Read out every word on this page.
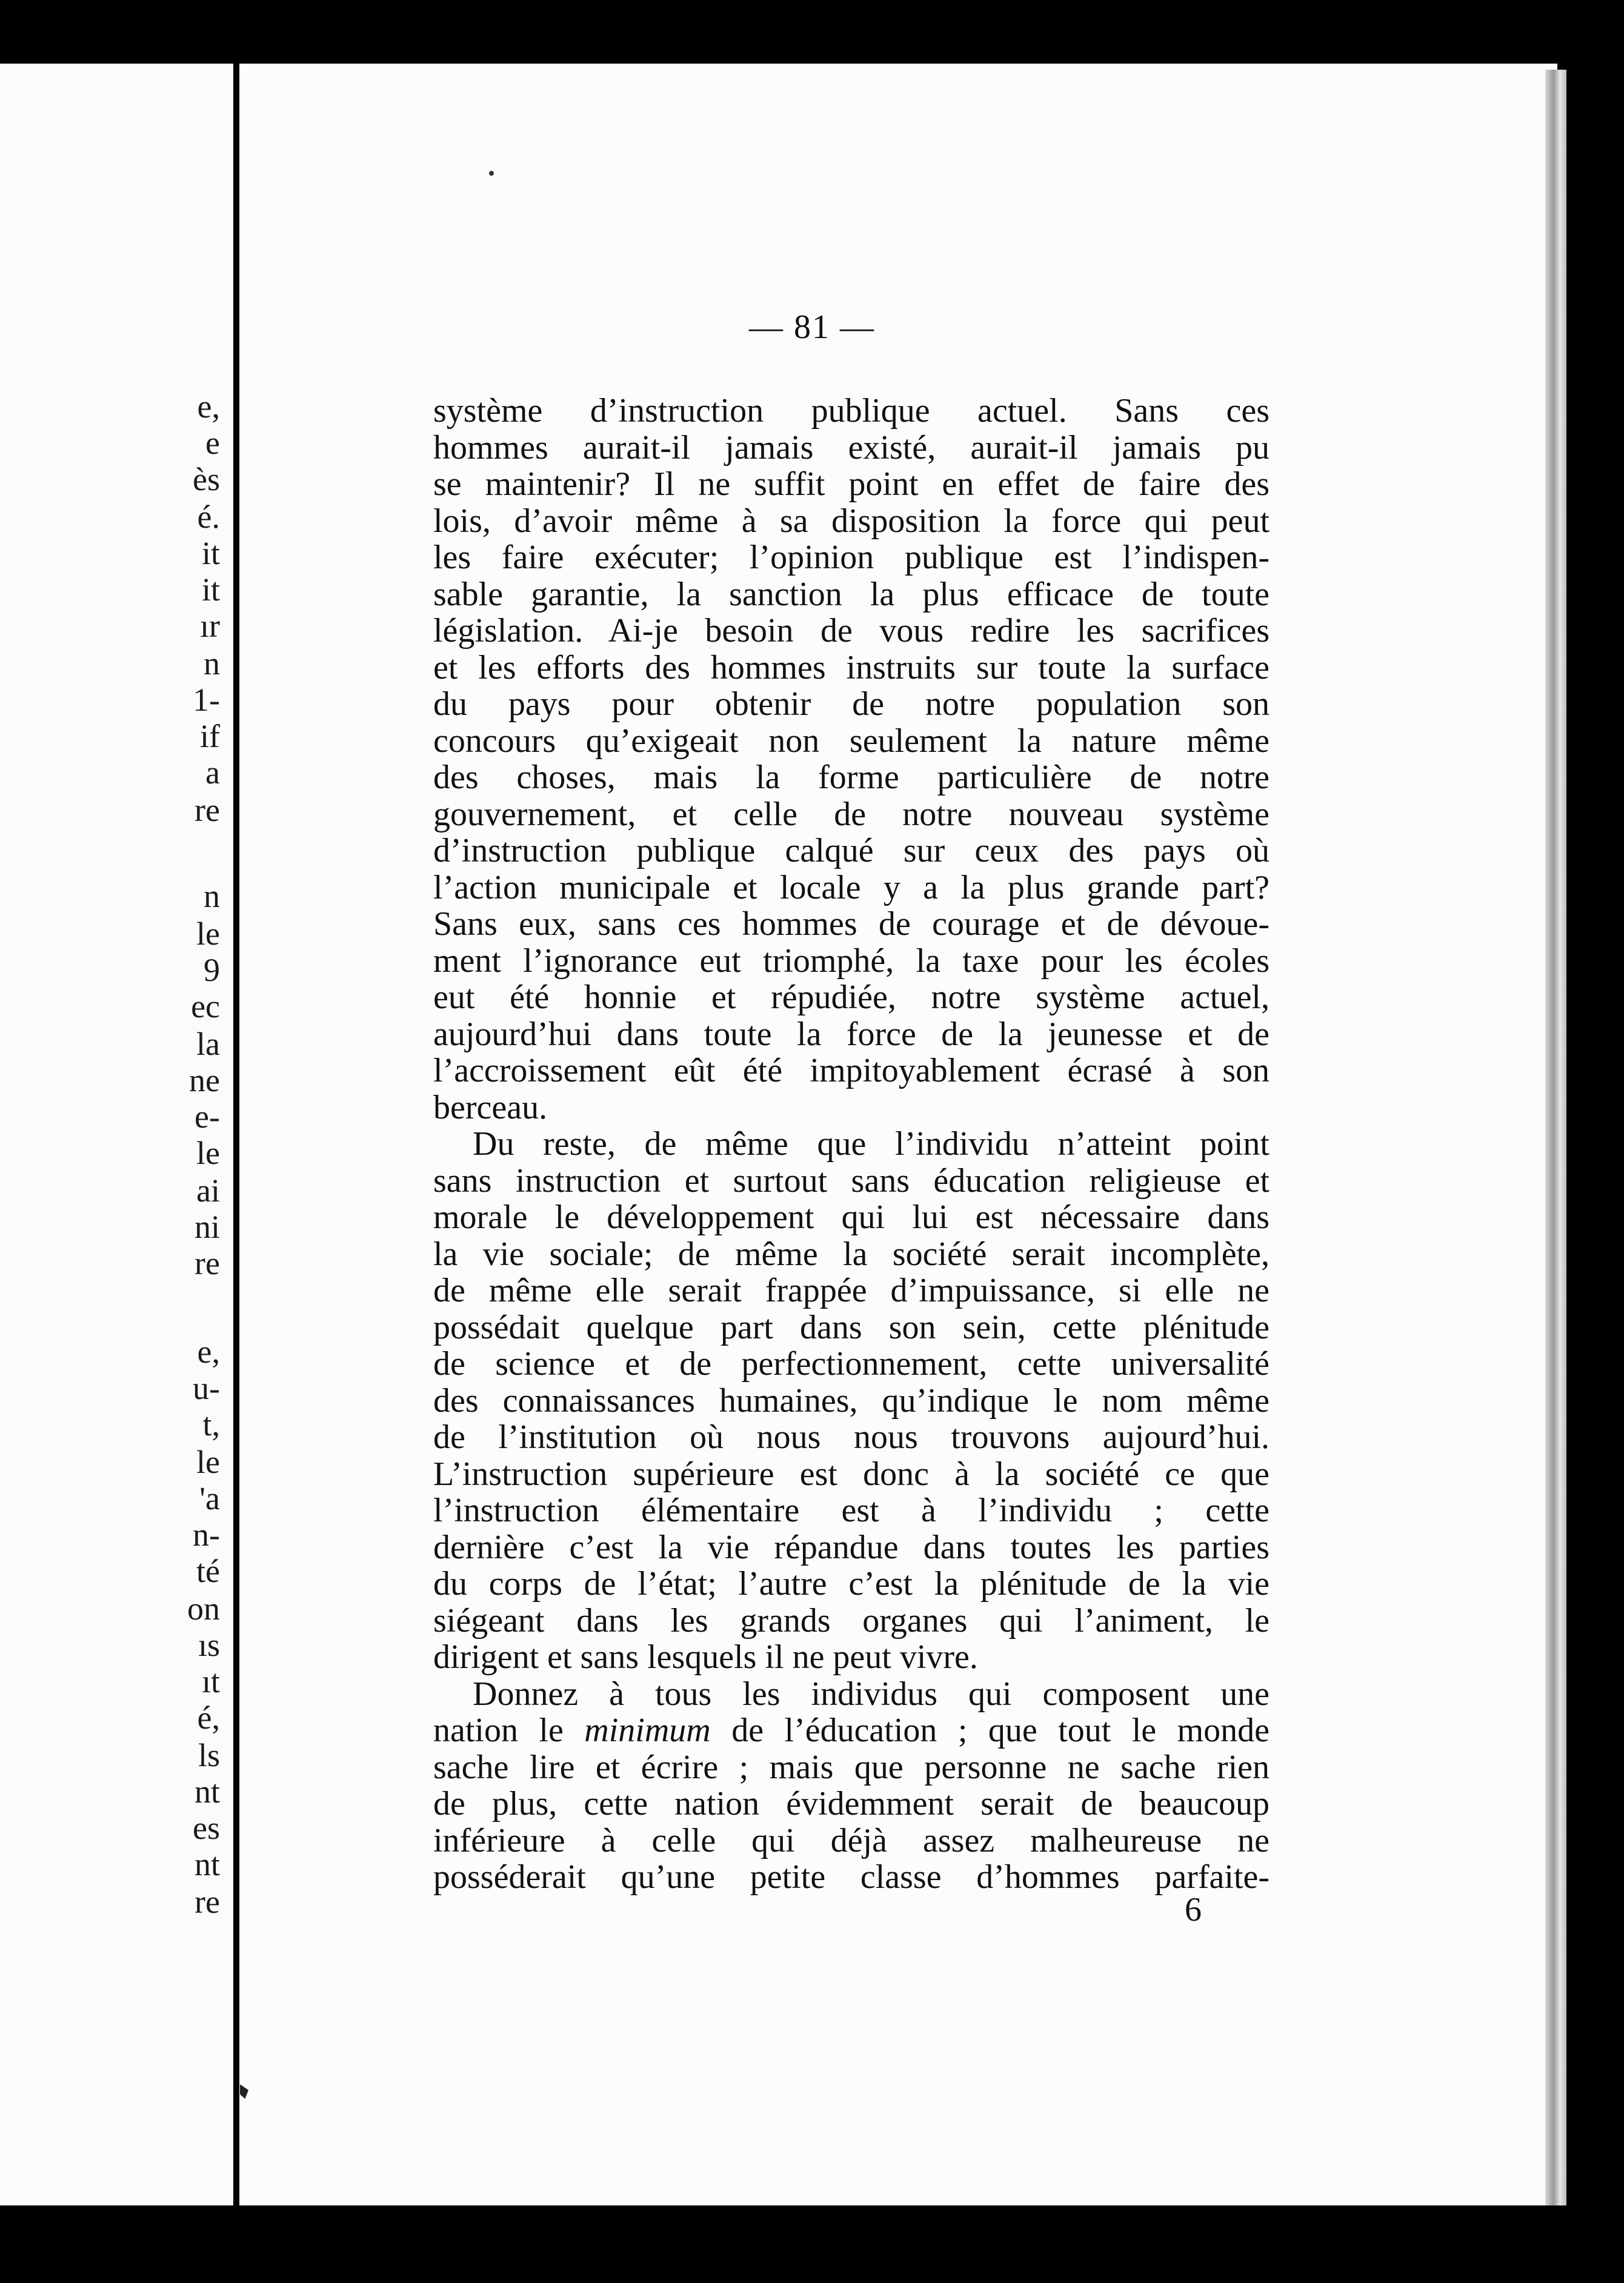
e,
e
ès
é.
it
it
ır
n
1-
if
a
re
n
le
9
ec
la
ne
e-
le
ai
ni
re
e,
u-
t,
le
'a
n-
té
on
ıs
ıt
é,
ls
nt
es
nt
re
— 81 —
système d’instruction publique actuel. Sans ces
hommes aurait-il jamais existé, aurait-il jamais pu
se maintenir? Il ne suffit point en effet de faire des
lois, d’avoir même à sa disposition la force qui peut
les faire exécuter; l’opinion publique est l’indispen-
sable garantie, la sanction la plus efficace de toute
législation. Ai-je besoin de vous redire les sacrifices
et les efforts des hommes instruits sur toute la surface
du pays pour obtenir de notre population son
concours qu’exigeait non seulement la nature même
des choses, mais la forme particulière de notre
gouvernement, et celle de notre nouveau système
d’instruction publique calqué sur ceux des pays où
l’action municipale et locale y a la plus grande part?
Sans eux, sans ces hommes de courage et de dévoue-
ment l’ignorance eut triomphé, la taxe pour les écoles
eut été honnie et répudiée, notre système actuel,
aujourd’hui dans toute la force de la jeunesse et de
l’accroissement eût été impitoyablement écrasé à son
berceau.
Du reste, de même que l’individu n’atteint point
sans instruction et surtout sans éducation religieuse et
morale le développement qui lui est nécessaire dans
la vie sociale; de même la société serait incomplète,
de même elle serait frappée d’impuissance, si elle ne
possédait quelque part dans son sein, cette plénitude
de science et de perfectionnement, cette universalité
des connaissances humaines, qu’indique le nom même
de l’institution où nous nous trouvons aujourd’hui.
L’instruction supérieure est donc à la société ce que
l’instruction élémentaire est à l’individu ; cette
dernière c’est la vie répandue dans toutes les parties
du corps de l’état; l’autre c’est la plénitude de la vie
siégeant dans les grands organes qui l’animent, le
dirigent et sans lesquels il ne peut vivre.
Donnez à tous les individus qui composent une
nation le minimum de l’éducation ; que tout le monde
sache lire et écrire ; mais que personne ne sache rien
de plus, cette nation évidemment serait de beaucoup
inférieure à celle qui déjà assez malheureuse ne
posséderait qu’une petite classe d’hommes parfaite-
6
